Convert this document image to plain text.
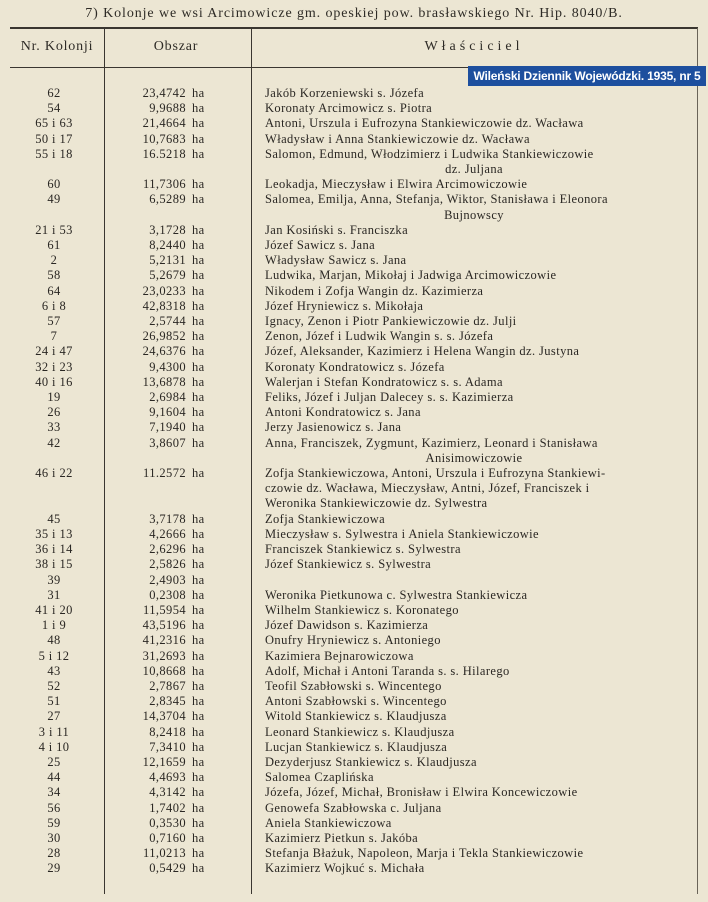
7) Kolonje we wsi Arcimowicze gm. opeskiej pow. brasławskiego Nr. Hip. 8040/B.
Nr. Kolonji	Obszar	Właściciel
Wileński Dziennik Wojewódzki. 1935, nr 5
62	23,4742 ha	Jakób Korzeniewski s. Józefa
54	9,9688 ha	Koronaty Arcimowicz s. Piotra
65 i 63	21,4664 ha	Antoni, Urszula i Eufrozyna Stankiewiczowie dz. Wacława
50 i 17	10,7683 ha	Władysław i Anna Stankiewiczowie dz. Wacława
55 i 18	16.5218 ha	Salomon, Edmund, Włodzimierz i Ludwika Stankiewiczowie
dz. Juljana
60	11,7306 ha	Leokadja, Mieczysław i Elwira Arcimowiczowie
49	6,5289 ha	Salomea, Emilja, Anna, Stefanja, Wiktor, Stanisława i Eleonora
Bujnowscy
21 i 53	3,1728 ha	Jan Kosiński s. Franciszka
61	8,2440 ha	Józef Sawicz s. Jana
2	5,2131 ha	Władysław Sawicz s. Jana
58	5,2679 ha	Ludwika, Marjan, Mikołaj i Jadwiga Arcimowiczowie
64	23,0233 ha	Nikodem i Zofja Wangin dz. Kazimierza
6 i 8	42,8318 ha	Józef Hryniewicz s. Mikołaja
57	2,5744 ha	Ignacy, Zenon i Piotr Pankiewiczowie dz. Julji
7	26,9852 ha	Zenon, Józef i Ludwik Wangin s. s. Józefa
24 i 47	24,6376 ha	Józef, Aleksander, Kazimierz i Helena Wangin dz. Justyna
32 i 23	9,4300 ha	Koronaty Kondratowicz s. Józefa
40 i 16	13,6878 ha	Walerjan i Stefan Kondratowicz s. s. Adama
19	2,6984 ha	Feliks, Józef i Juljan Dalecey s. s. Kazimierza
26	9,1604 ha	Antoni Kondratowicz s. Jana
33	7,1940 ha	Jerzy Jasienowicz s. Jana
42	3,8607 ha	Anna, Franciszek, Zygmunt, Kazimierz, Leonard i Stanisława
Anisimowiczowie
46 i 22	11.2572 ha	Zofja Stankiewiczowa, Antoni, Urszula i Eufrozyna Stankiewi-
czowie dz. Wacława, Mieczysław, Antni, Józef, Franciszek i
Weronika Stankiewiczowie dz. Sylwestra
45	3,7178 ha	Zofja Stankiewiczowa
35 i 13	4,2666 ha	Mieczysław s. Sylwestra i Aniela Stankiewiczowie
36 i 14	2,6296 ha	Franciszek Stankiewicz s. Sylwestra
38 i 15	2,5826 ha	Józef Stankiewicz s. Sylwestra
39	2,4903 ha

31	0,2308 ha	Weronika Pietkunowa c. Sylwestra Stankiewicza
41 i 20	11,5954 ha	Wilhelm Stankiewicz s. Koronatego
1 i 9	43,5196 ha	Józef Dawidson s. Kazimierza
48	41,2316 ha	Onufry Hryniewicz s. Antoniego
5 i 12	31,2693 ha	Kazimiera Bejnarowiczowa
43	10,8668 ha	Adolf, Michał i Antoni Taranda s. s. Hilarego
52	2,7867 ha	Teofil Szabłowski s. Wincentego
51	2,8345 ha	Antoni Szabłowski s. Wincentego
27	14,3704 ha	Witold Stankiewicz s. Klaudjusza
3 i 11	8,2418 ha	Leonard Stankiewicz s. Klaudjusza
4 i 10	7,3410 ha	Lucjan Stankiewicz s. Klaudjusza
25	12,1659 ha	Dezyderjusz Stankiewicz s. Klaudjusza
44	4,4693 ha	Salomea Czaplińska
34	4,3142 ha	Józefa, Józef, Michał, Bronisław i Elwira Koncewiczowie
56	1,7402 ha	Genowefa Szabłowska c. Juljana
59	0,3530 ha	Aniela Stankiewiczowa
30	0,7160 ha	Kazimierz Pietkun s. Jakóba
28	11,0213 ha	Stefanja Błażuk, Napoleon, Marja i Tekla Stankiewiczowie
29	0,5429 ha	Kazimierz Wojkuć s. Michała
